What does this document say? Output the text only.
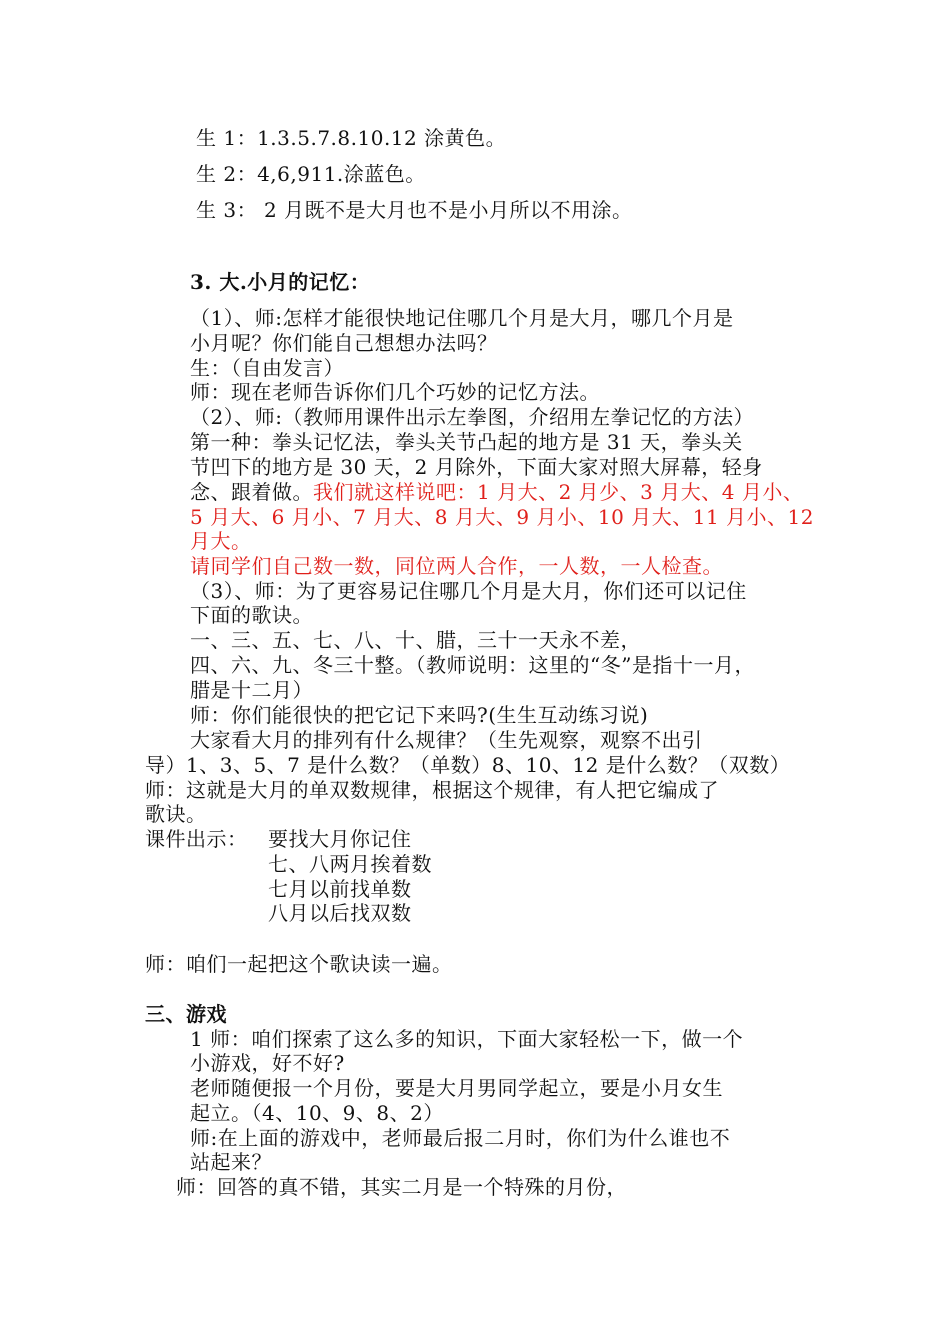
生 1：1.3.5.7.8.10.12 涂黄色。
生 2：4,6,911.涂蓝色。
生 3： 2 月既不是大月也不是小月所以不用涂。
3. 大.小月的记忆：
（1）、师:怎样才能很快地记住哪几个月是大月，哪几个月是
小月呢？你们能自己想想办法吗？
生：（自由发言）
师：现在老师告诉你们几个巧妙的记忆方法。
（2）、师:（教师用课件出示左拳图，介绍用左拳记忆的方法）
第一种：拳头记忆法，拳头关节凸起的地方是 31 天，拳头关
节凹下的地方是 30 天，2 月除外，下面大家对照大屏幕，轻身
念、跟着做。我们就这样说吧：1 月大、2 月少、3 月大、4 月小、
5 月大、6 月小、7 月大、8 月大、9 月小、10 月大、11 月小、12
月大。
请同学们自己数一数，同位两人合作，一人数，一人检查。
（3）、师：为了更容易记住哪几个月是大月，你们还可以记住
下面的歌诀。
一、三、五、七、八、十、腊，三十一天永不差，
四、六、九、冬三十整。（教师说明：这里的“冬”是指十一月，
腊是十二月）
师：你们能很快的把它记下来吗?(生生互动练习说)
大家看大月的排列有什么规律？（生先观察，观察不出引
导）1、3、5、7 是什么数？（单数）8、10、12 是什么数？（双数）
师：这就是大月的单双数规律，根据这个规律，有人把它编成了
歌诀。
课件出示： 要找大月你记住
七、八两月挨着数
七月以前找单数
八月以后找双数
师：咱们一起把这个歌诀读一遍。
三、游戏
1 师：咱们探索了这么多的知识，下面大家轻松一下，做一个
小游戏，好不好?
老师随便报一个月份，要是大月男同学起立，要是小月女生
起立。（4、10、9、8、2）
师:在上面的游戏中，老师最后报二月时，你们为什么谁也不
站起来？
师：回答的真不错，其实二月是一个特殊的月份，
